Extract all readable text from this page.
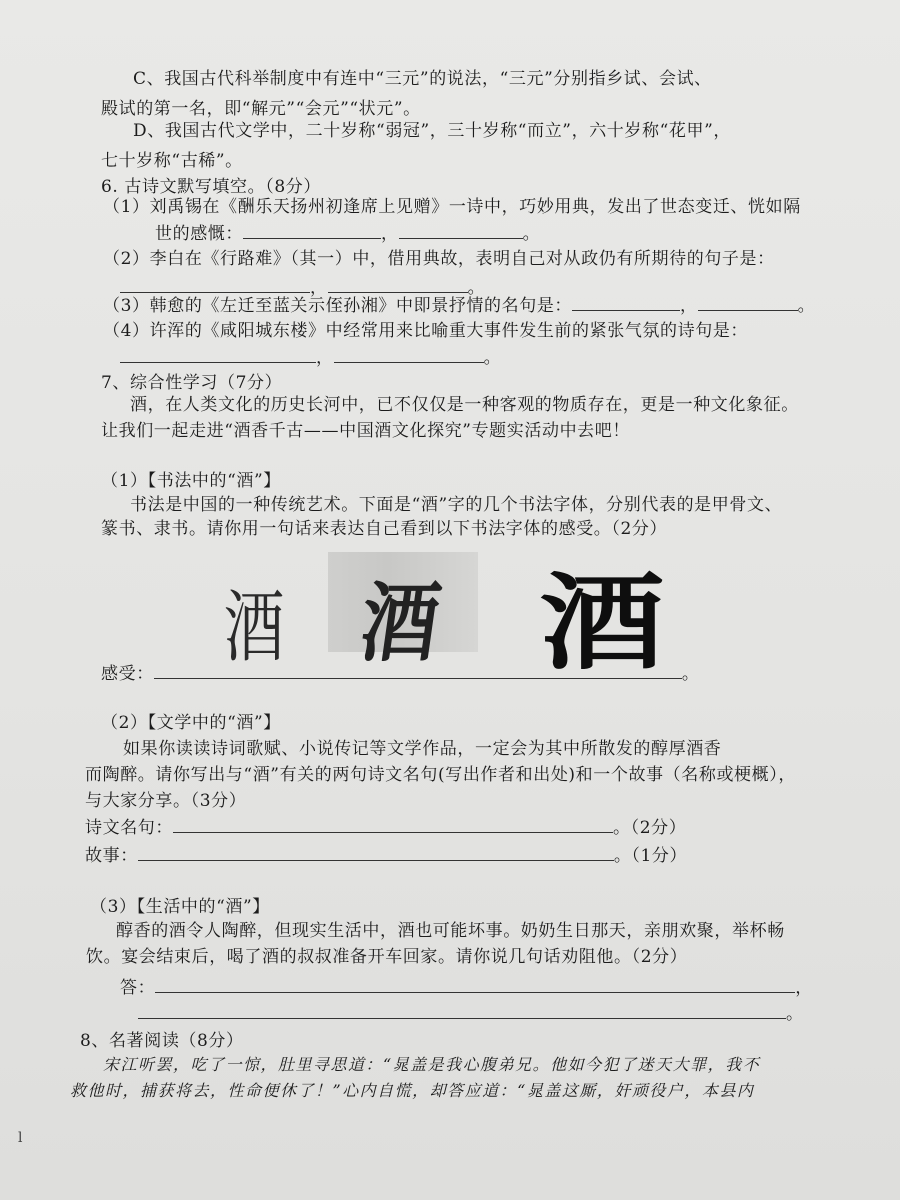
C、我国古代科举制度中有连中“三元”的说法，“三元”分别指乡试、会试、
殿试的第一名，即“解元”“会元”“状元”。
D、我国古代文学中，二十岁称“弱冠”，三十岁称“而立”，六十岁称“花甲”，
七十岁称“古稀”。
6. 古诗文默写填空。（8分）
（1）刘禹锡在《酬乐天扬州初逢席上见赠》一诗中，巧妙用典，发出了世态变迁、恍如隔
世的感慨：	，	。
（2）李白在《行路难》（其一）中，借用典故，表明自己对从政仍有所期待的句子是：
，	。
（3）韩愈的《左迁至蓝关示侄孙湘》中即景抒情的名句是：	，	。
（4）许浑的《咸阳城东楼》中经常用来比喻重大事件发生前的紧张气氛的诗句是：
，	。
7、综合性学习（7分）
酒，在人类文化的历史长河中，已不仅仅是一种客观的物质存在，更是一种文化象征。
让我们一起走进“酒香千古——中国酒文化探究”专题实活动中去吧！
（1）【书法中的“酒”】
书法是中国的一种传统艺术。下面是“酒”字的几个书法字体，分别代表的是甲骨文、
篆书、隶书。请你用一句话来表达自己看到以下书法字体的感受。（2分）
酒 酒 酒
感受：	。
（2）【文学中的“酒”】
如果你读读诗词歌赋、小说传记等文学作品，一定会为其中所散发的醇厚酒香
而陶醉。请你写出与“酒”有关的两句诗文名句(写出作者和出处)和一个故事（名称或梗概），
与大家分享。（3分）
诗文名句：	。（2分）
故事：	。（1分）
（3）【生活中的“酒”】
醇香的酒令人陶醉，但现实生活中，酒也可能坏事。奶奶生日那天，亲朋欢聚，举杯畅
饮。宴会结束后，喝了酒的叔叔准备开车回家。请你说几句话劝阻他。（2分）
答：	，
。
8、名著阅读（8分）
宋江听罢，吃了一惊，肚里寻思道：“晁盖是我心腹弟兄。他如今犯了迷天大罪，我不
救他时，捕获将去，性命便休了！”心内自慌，却答应道：“晁盖这厮，奸顽役户，本县内
l
